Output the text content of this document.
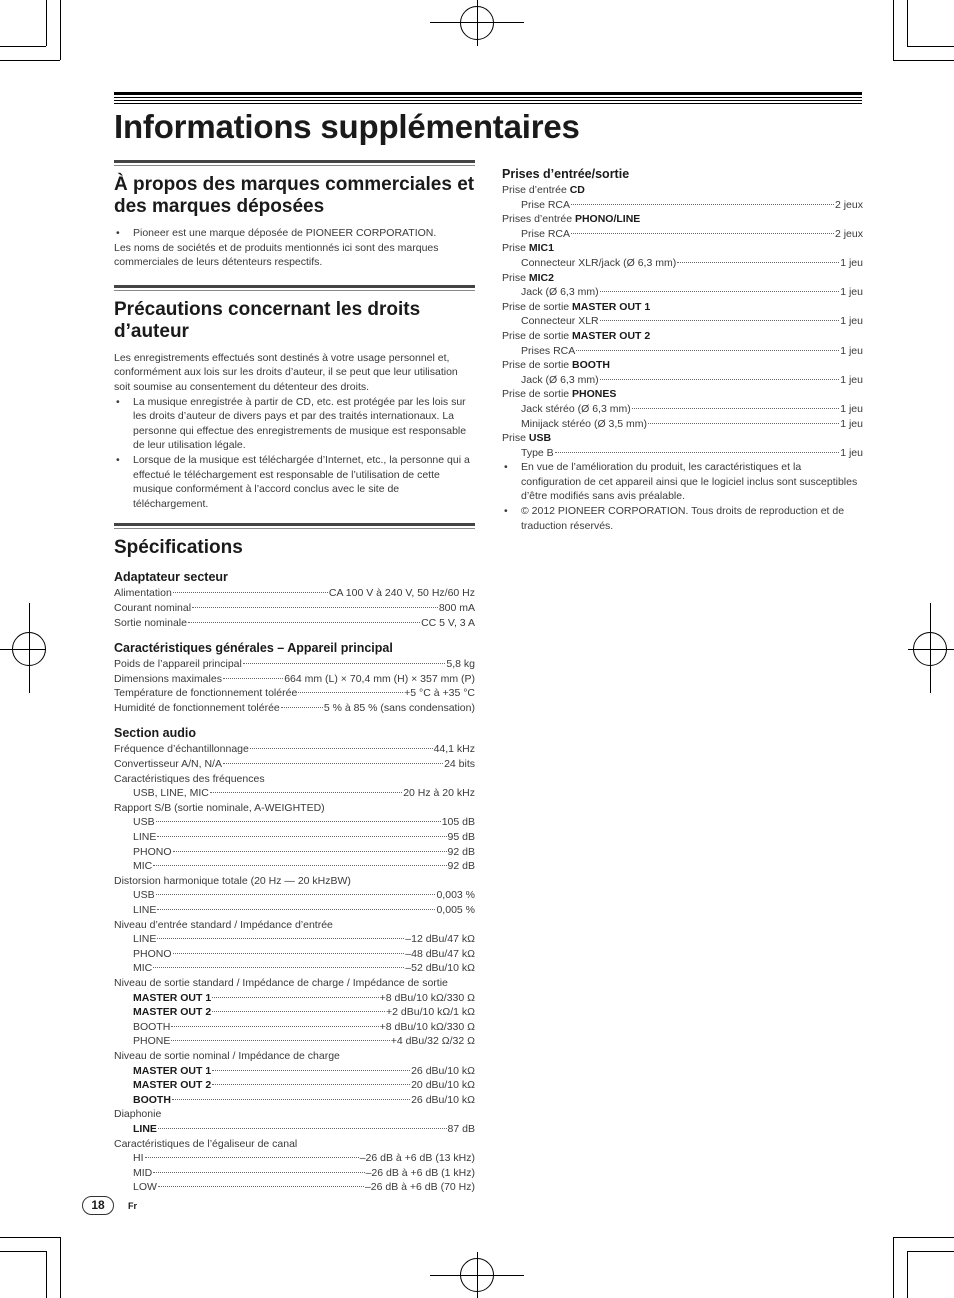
Informations supplémentaires
À propos des marques commerciales et des marques déposées

• Pioneer est une marque déposée de PIONEER CORPORATION.

Les noms de sociétés et de produits mentionnés ici sont des marques commerciales de leurs détenteurs respectifs.

Précautions concernant les droits d’auteur

Les enregistrements effectués sont destinés à votre usage personnel et, conformément aux lois sur les droits d’auteur, il se peut que leur utilisation soit soumise au consentement du détenteur des droits.

• La musique enregistrée à partir de CD, etc. est protégée par les lois sur les droits d’auteur de divers pays et par des traités internationaux. La personne qui effectue des enregistrements de musique est responsable de leur utilisation légale.

• Lorsque de la musique est téléchargée d’Internet, etc., la personne qui a effectué le téléchargement est responsable de l’utilisation de cette musique conformément à l’accord conclus avec le site de téléchargement.

Spécifications
Adaptateur secteur
Alimentation	CA 100 V à 240 V, 50 Hz/60 Hz
Courant nominal	800 mA
Sortie nominale	CC 5 V, 3 A
Caractéristiques générales – Appareil principal
Poids de l’appareil principal	5,8 kg
Dimensions maximales	664 mm (L) × 70,4 mm (H) × 357 mm (P)
Température de fonctionnement tolérée	+5 °C à +35 °C
Humidité de fonctionnement tolérée	5 % à 85 % (sans condensation)
Section audio
Fréquence d’échantillonnage	44,1 kHz
Convertisseur A/N, N/A	24 bits
Caractéristiques des fréquences
USB, LINE, MIC	20 Hz à 20 kHz
Rapport S/B (sortie nominale, A-WEIGHTED)
USB	105 dB
LINE	95 dB
PHONO	92 dB
MIC	92 dB
Distorsion harmonique totale (20 Hz — 20 kHzBW)
USB	0,003 %
LINE	0,005 %
Niveau d’entrée standard / Impédance d’entrée
LINE	–12 dBu/47 kΩ
PHONO	–48 dBu/47 kΩ
MIC	–52 dBu/10 kΩ
Niveau de sortie standard / Impédance de charge / Impédance de sortie
MASTER OUT 1	+8 dBu/10 kΩ/330 Ω
MASTER OUT 2	+2 dBu/10 kΩ/1 kΩ
BOOTH	+8 dBu/10 kΩ/330 Ω
PHONE	+4 dBu/32 Ω/32 Ω
Niveau de sortie nominal / Impédance de charge
MASTER OUT 1	26 dBu/10 kΩ
MASTER OUT 2	20 dBu/10 kΩ
BOOTH	26 dBu/10 kΩ
Diaphonie
LINE	87 dB
Caractéristiques de l’égaliseur de canal
HI	–26 dB à +6 dB (13 kHz)
MID	–26 dB à +6 dB (1 kHz)
LOW	–26 dB à +6 dB (70 Hz)
Prises d’entrée/sortie
Prise d’entrée CD
Prise RCA	2 jeux
Prises d’entrée PHONO/LINE
Prise RCA	2 jeux
Prise MIC1
Connecteur XLR/jack (Ø 6,3 mm)	1 jeu
Prise MIC2
Jack (Ø 6,3 mm)	1 jeu
Prise de sortie MASTER OUT 1
Connecteur XLR	1 jeu
Prise de sortie MASTER OUT 2
Prises RCA	1 jeu
Prise de sortie BOOTH
Jack (Ø 6,3 mm)	1 jeu
Prise de sortie PHONES
Jack stéréo (Ø 6,3 mm)	1 jeu
Minijack stéréo (Ø 3,5 mm)	1 jeu
Prise USB
Type B	1 jeu

• En vue de l’amélioration du produit, les caractéristiques et la configuration de cet appareil ainsi que le logiciel inclus sont susceptibles d’être modifiés sans avis préalable.

• © 2012 PIONEER CORPORATION. Tous droits de reproduction et de traduction réservés.

18	Fr
